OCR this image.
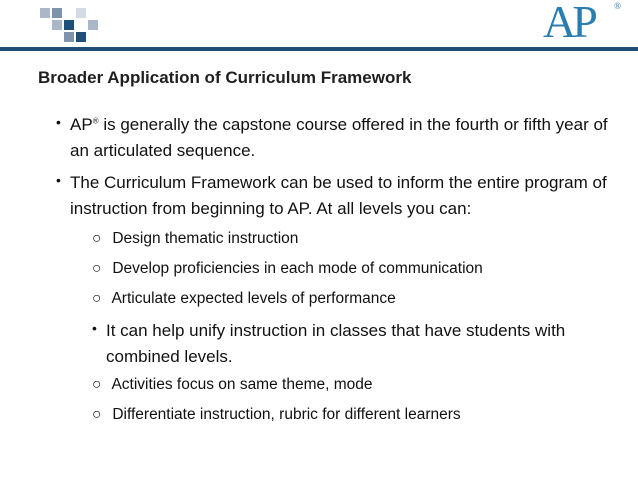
AP ®
Broader Application of Curriculum Framework
• AP® is generally the capstone course offered in the fourth or fifth year of an articulated sequence.
• The Curriculum Framework can be used to inform the entire program of instruction from beginning to AP. At all levels you can:
○ Design thematic instruction
○ Develop proficiencies in each mode of communication
○ Articulate expected levels of performance
• It can help unify instruction in classes that have students with combined levels.
○ Activities focus on same theme, mode
○ Differentiate instruction, rubric for different learners
